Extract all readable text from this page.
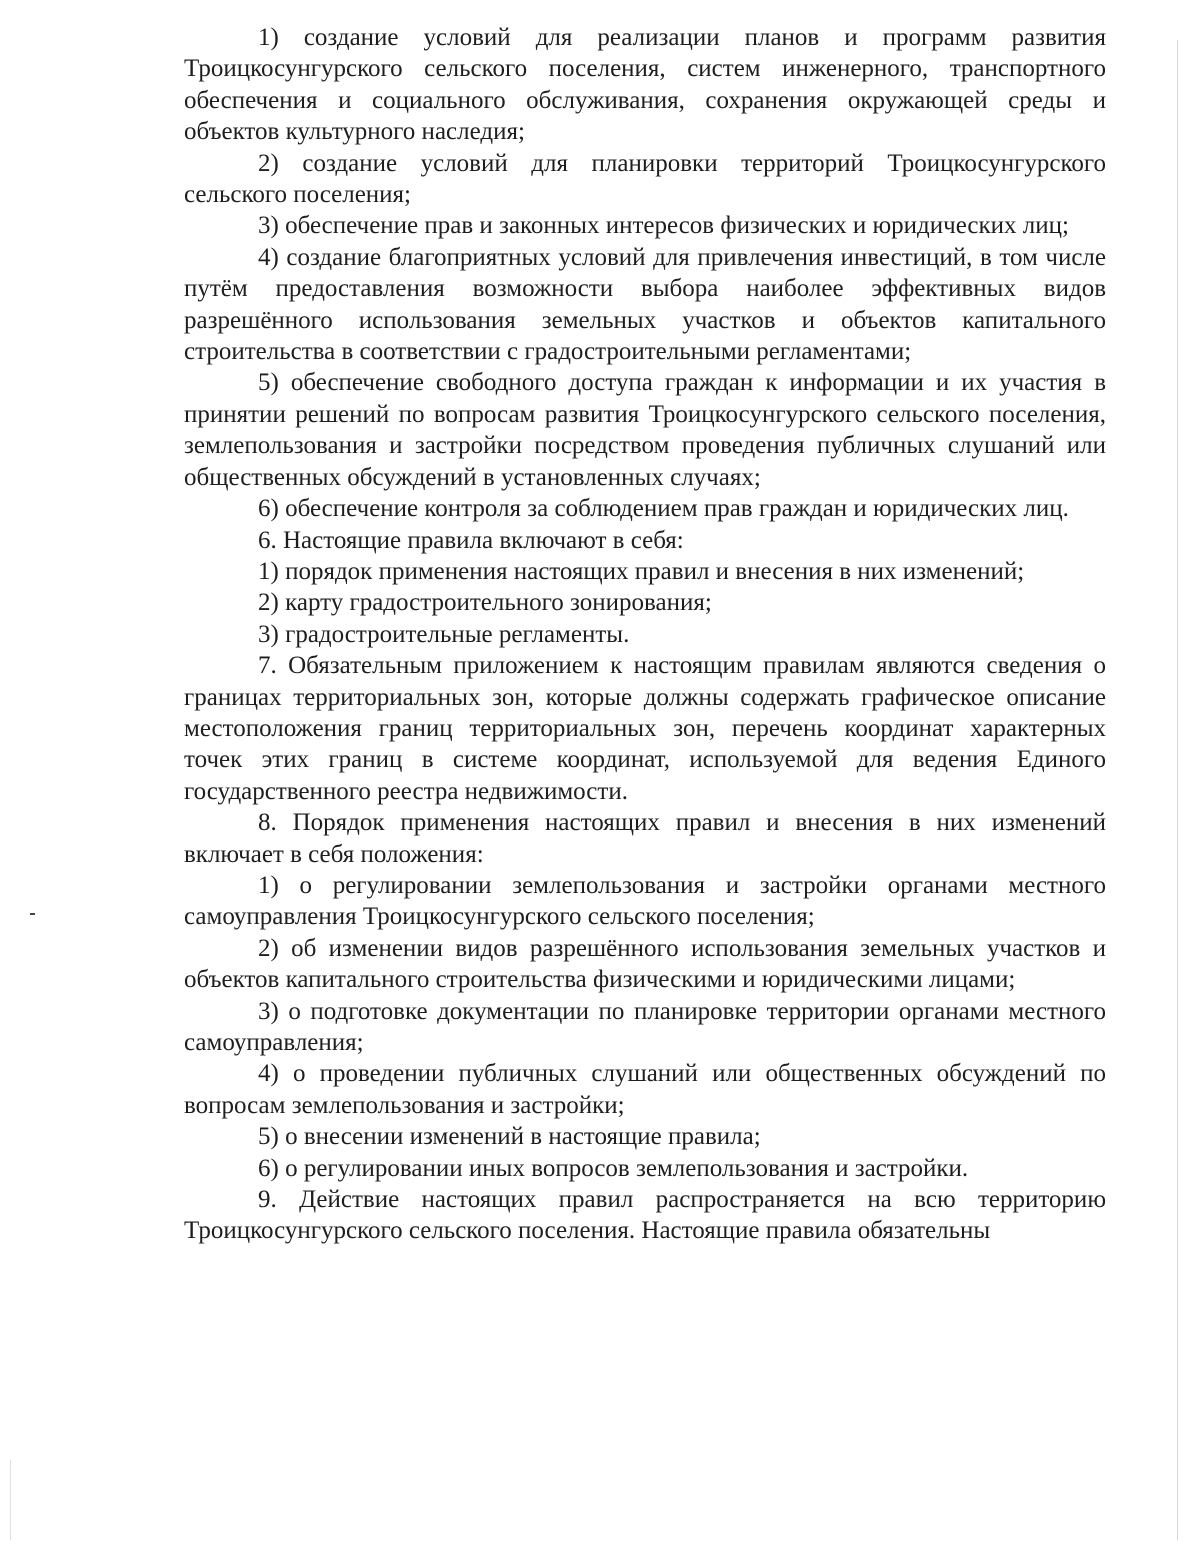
1) создание условий для реализации планов и программ развития Троицкосунгурского сельского поселения, систем инженерного, транспортного обеспечения и социального обслуживания, сохранения окружающей среды и объектов культурного наследия;

2) создание условий для планировки территорий Троицкосунгурского сельского поселения;

3) обеспечение прав и законных интересов физических и юридических лиц;

4) создание благоприятных условий для привлечения инвестиций, в том числе путём предоставления возможности выбора наиболее эффективных видов разрешённого использования земельных участков и объектов капитального строительства в соответствии с градостроительными регламентами;

5) обеспечение свободного доступа граждан к информации и их участия в принятии решений по вопросам развития Троицкосунгурского сельского поселения, землепользования и застройки посредством проведения публичных слушаний или общественных обсуждений в установленных случаях;

6) обеспечение контроля за соблюдением прав граждан и юридических лиц.

6. Настоящие правила включают в себя:

1) порядок применения настоящих правил и внесения в них изменений;

2) карту градостроительного зонирования;

3) градостроительные регламенты.

7. Обязательным приложением к настоящим правилам являются сведения о границах территориальных зон, которые должны содержать графическое описание местоположения границ территориальных зон, перечень координат характерных точек этих границ в системе координат, используемой для ведения Единого государственного реестра недвижимости.

8. Порядок применения настоящих правил и внесения в них изменений включает в себя положения:

1) о регулировании землепользования и застройки органами местного самоуправления Троицкосунгурского сельского поселения;

2) об изменении видов разрешённого использования земельных участков и объектов капитального строительства физическими и юридическими лицами;

3) о подготовке документации по планировке территории органами местного самоуправления;

4) о проведении публичных слушаний или общественных обсуждений по вопросам землепользования и застройки;

5) о внесении изменений в настоящие правила;

6) о регулировании иных вопросов землепользования и застройки.

9. Действие настоящих правил распространяется на всю территорию Троицкосунгурского сельского поселения. Настоящие правила обязательны
